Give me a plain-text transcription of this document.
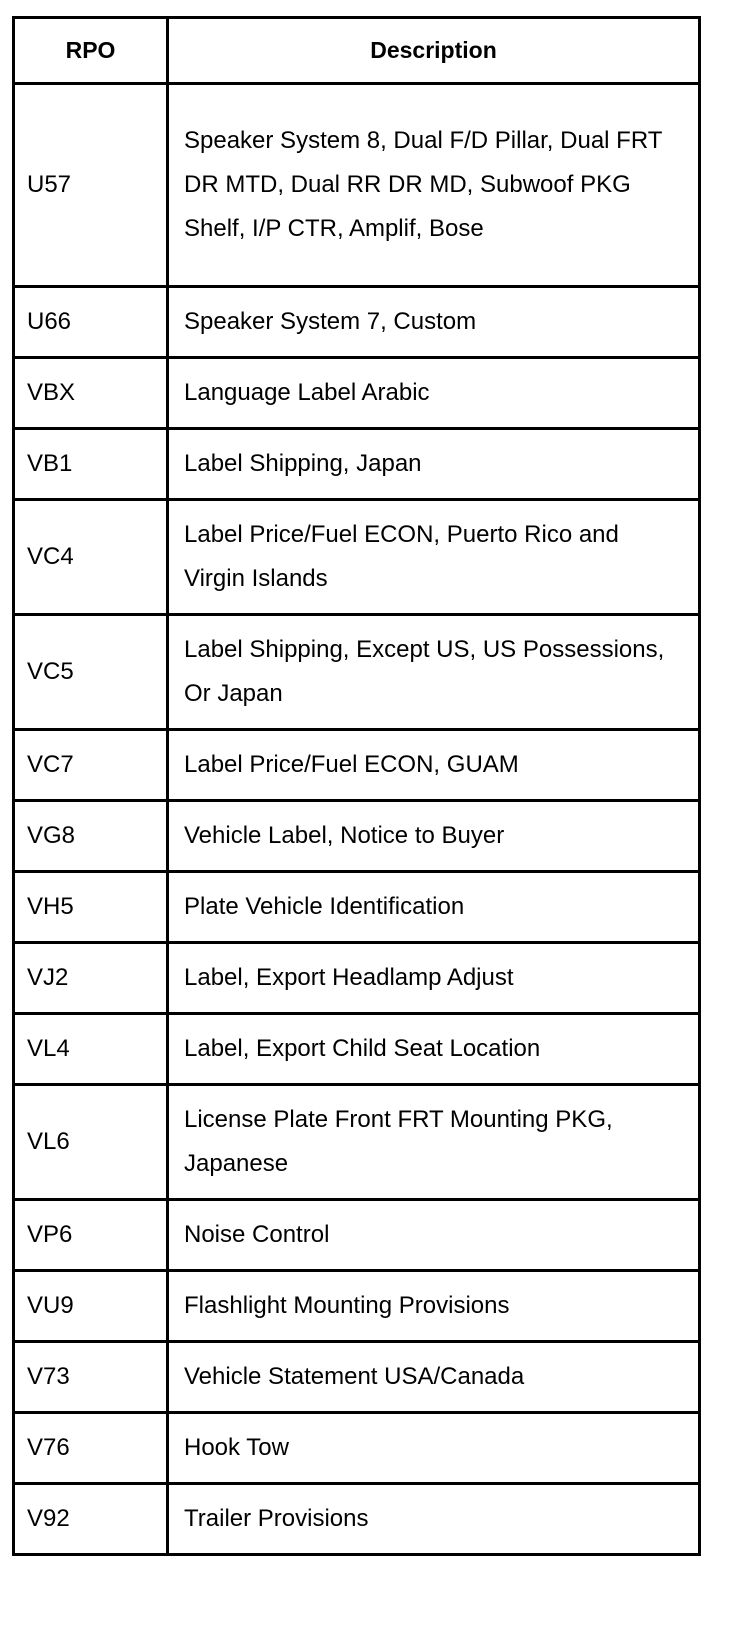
RPO	Description
U57	Speaker System 8, Dual F/D Pillar, Dual FRT DR MTD, Dual RR DR MD, Subwoof PKG Shelf, I/P CTR, Amplif, Bose
U66	Speaker System 7, Custom
VBX	Language Label Arabic
VB1	Label Shipping, Japan
VC4	Label Price/Fuel ECON, Puerto Rico and Virgin Islands
VC5	Label Shipping, Except US, US Possessions, Or Japan
VC7	Label Price/Fuel ECON, GUAM
VG8	Vehicle Label, Notice to Buyer
VH5	Plate Vehicle Identification
VJ2	Label, Export Headlamp Adjust
VL4	Label, Export Child Seat Location
VL6	License Plate Front FRT Mounting PKG, Japanese
VP6	Noise Control
VU9	Flashlight Mounting Provisions
V73	Vehicle Statement USA/Canada
V76	Hook Tow
V92	Trailer Provisions
